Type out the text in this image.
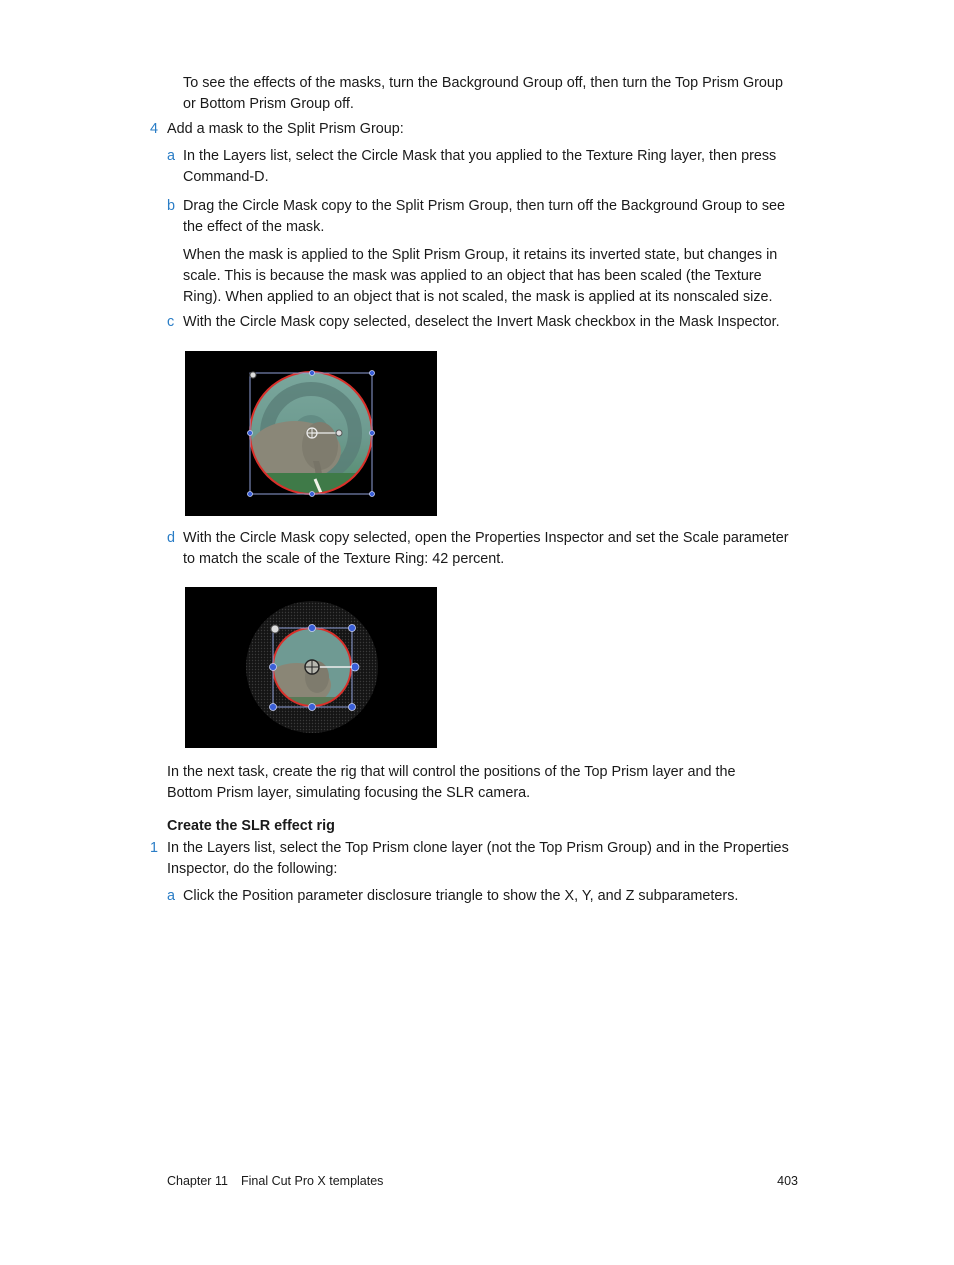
To see the effects of the masks, turn the Background Group off, then turn the Top Prism Group or Bottom Prism Group off.

4 Add a mask to the Split Prism Group:

a In the Layers list, select the Circle Mask that you applied to the Texture Ring layer, then press Command-D.

b Drag the Circle Mask copy to the Split Prism Group, then turn off the Background Group to see the effect of the mask.

When the mask is applied to the Split Prism Group, it retains its inverted state, but changes in scale. This is because the mask was applied to an object that has been scaled (the Texture Ring). When applied to an object that is not scaled, the mask is applied at its nonscaled size.

c With the Circle Mask copy selected, deselect the Invert Mask checkbox in the Mask Inspector.

d With the Circle Mask copy selected, open the Properties Inspector and set the Scale parameter to match the scale of the Texture Ring: 42 percent.

In the next task, create the rig that will control the positions of the Top Prism layer and the Bottom Prism layer, simulating focusing the SLR camera.

Create the SLR effect rig

1 In the Layers list, select the Top Prism clone layer (not the Top Prism Group) and in the Properties Inspector, do the following:

a Click the Position parameter disclosure triangle to show the X, Y, and Z subparameters.

Chapter 11 Final Cut Pro X templates	403
